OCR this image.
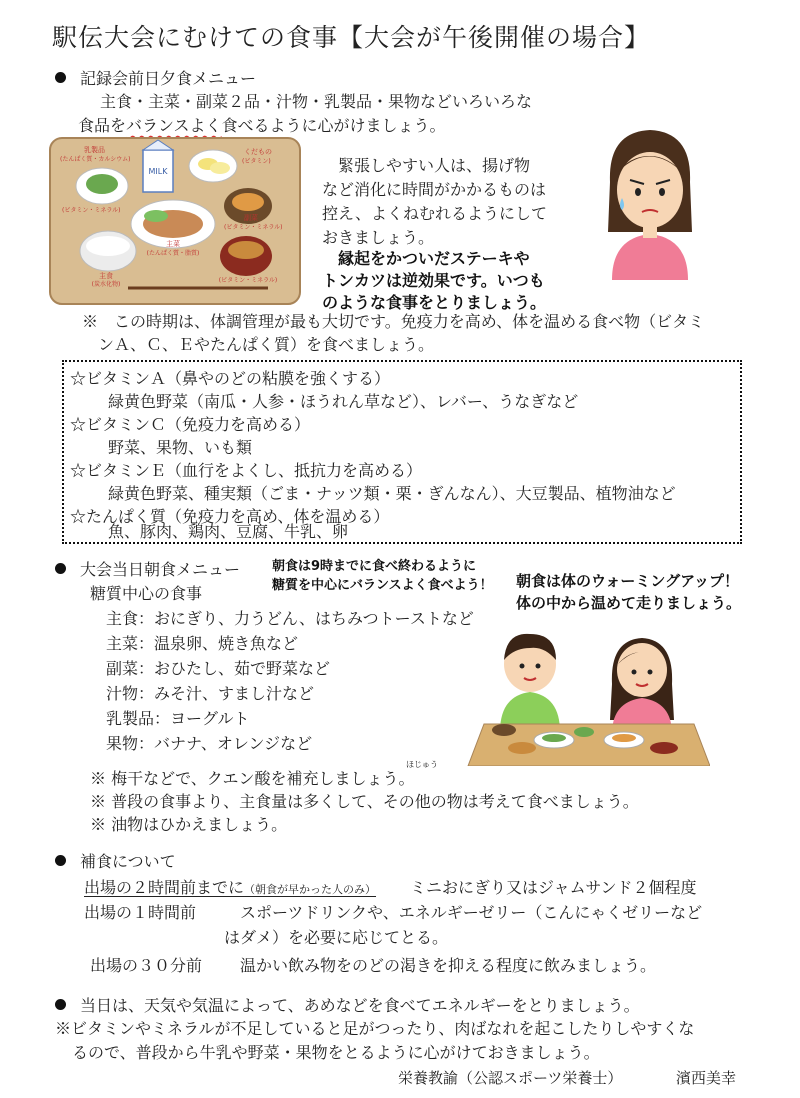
駅伝大会にむけての食事【大会が午後開催の場合】
記録会前日夕食メニュー
主食・主菜・副菜２品・汁物・乳製品・果物などいろいろな
食品をバランスよく食べるように心がけましょう。
MILK
乳製品
(たんぱく質・カルシウム)
くだもの
(ビタミン)
(ビタミン・ミネラル)
副菜
(ビタミン・ミネラル)
主菜
(たんぱく質・脂質)
主食
(炭水化物)
(ビタミン・ミネラル)
緊張しやすい人は、揚げ物
など消化に時間がかかるものは
控え、よくねむれるようにして
おきましょう。
縁起をかついだステーキや
トンカツは逆効果です。いつも
のような食事をとりましょう。
※　この時期は、体調管理が最も大切です。免疫力を高め、体を温める食べ物（ビタミ
ンＡ、Ｃ、Ｅやたんぱく質）を食べましょう。
☆ビタミンＡ（鼻やのどの粘膜を強くする）
緑黄色野菜（南瓜・人参・ほうれん草など）、レバー、うなぎなど
☆ビタミンＣ（免疫力を高める）
野菜、果物、いも類
☆ビタミンＥ（血行をよくし、抵抗力を高める）
緑黄色野菜、種実類（ごま・ナッツ類・栗・ぎんなん）、大豆製品、植物油など
☆たんぱく質（免疫力を高め、体を温める）
魚、豚肉、鶏肉、豆腐、牛乳、卵
大会当日朝食メニュー 朝食は9時までに食べ終わるように
糖質を中心にバランスよく食べよう！ 朝食は体のウォーミングアップ！
体の中から温めて走りましょう。
糖質中心の食事
主食：おにぎり、力うどん、はちみつトーストなど
主菜：温泉卵、焼き魚など
副菜：おひたし、茹で野菜など
汁物：みそ汁、すまし汁など
乳製品：ヨーグルト
果物：バナナ、オレンジなど
ほじゅう
※ 梅干などで、クエン酸を補充しましょう。
※ 普段の食事より、主食量は多くして、その他の物は考えて食べましょう。
※ 油物はひかえましょう。
補食について
出場の２時間前までに（朝食が早かった人のみ） ミニおにぎり又はジャムサンド２個程度
出場の１時間前	スポーツドリンクや、エネルギーゼリー（こんにゃくゼリーなど
はダメ）を必要に応じてとる。
出場の３０分前 温かい飲み物をのどの渇きを抑える程度に飲みましょう。
当日は、天気や気温によって、あめなどを食べてエネルギーをとりましょう。
※ビタミンやミネラルが不足していると足がつったり、肉ばなれを起こしたりしやすくな
るので、普段から牛乳や野菜・果物をとるように心がけておきましょう。
栄養教諭（公認スポーツ栄養士）	濱西美幸
